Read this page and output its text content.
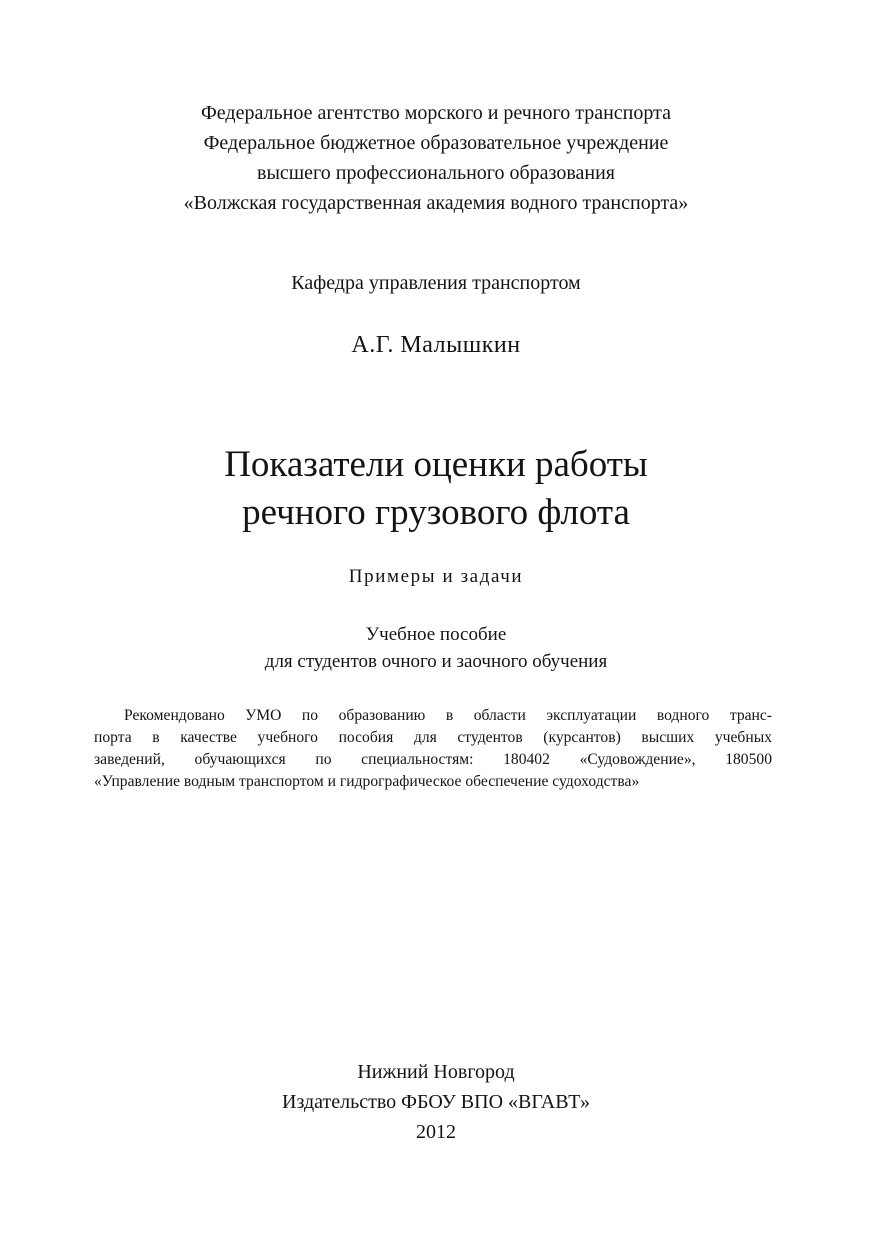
Федеральное агентство морского и речного транспорта
Федеральное бюджетное образовательное учреждение
высшего профессионального образования
«Волжская государственная академия водного транспорта»
Кафедра управления транспортом
А.Г. Малышкин
Показатели оценки работы
речного грузового флота
Примеры и задачи
Учебное пособие
для студентов очного и заочного обучения
Рекомендовано УМО по образованию в области эксплуатации водного транс-
порта в качестве учебного пособия для студентов (курсантов) высших учебных
заведений, обучающихся по специальностям: 180402 «Судовождение», 180500
«Управление водным транспортом и гидрографическое обеспечение судоходства»
Нижний Новгород
Издательство ФБОУ ВПО «ВГАВТ»
2012
